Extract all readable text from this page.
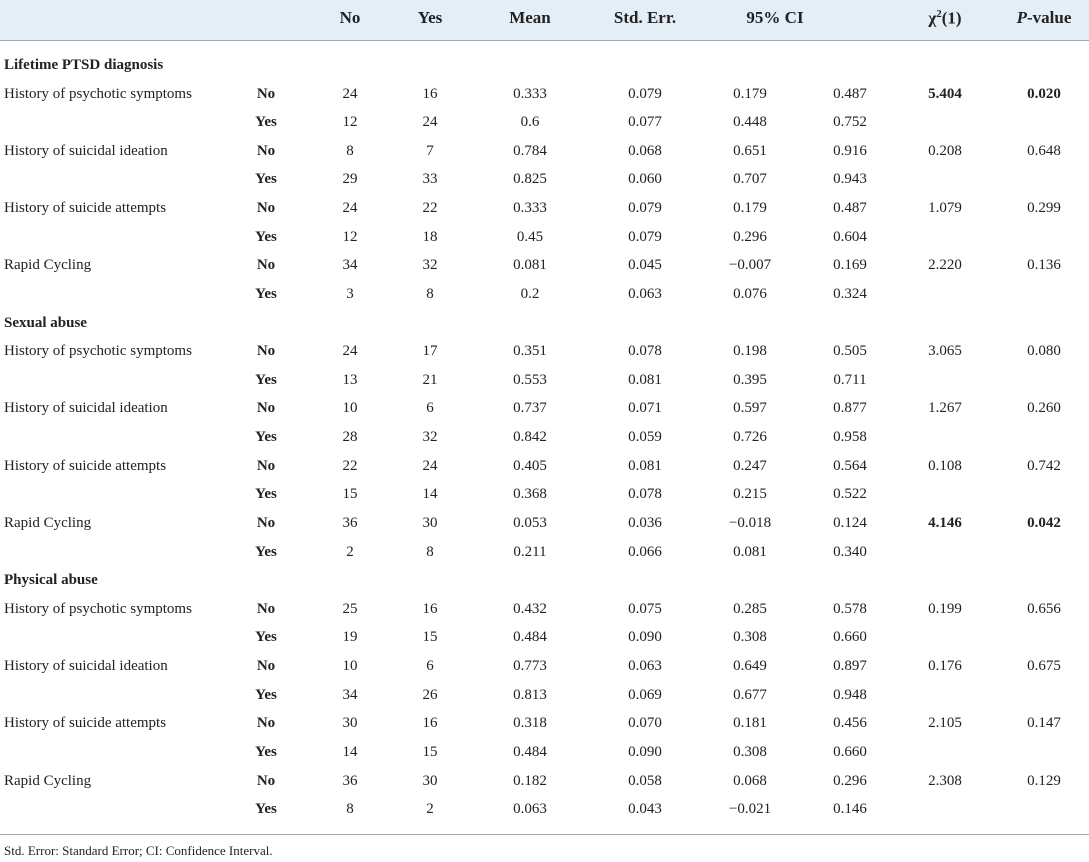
No	Yes	Mean	Std. Err.	95% CI	$\chi^2(1)$	P-value
Lifetime PTSD diagnosis
History of psychotic symptoms	No	24	16	0.333	0.079	0.179	0.487	5.404	0.020
Yes	12	24	0.6	0.077	0.448	0.752
History of suicidal ideation	No	8	7	0.784	0.068	0.651	0.916	0.208	0.648
Yes	29	33	0.825	0.060	0.707	0.943
History of suicide attempts	No	24	22	0.333	0.079	0.179	0.487	1.079	0.299
Yes	12	18	0.45	0.079	0.296	0.604
Rapid Cycling	No	34	32	0.081	0.045	−0.007	0.169	2.220	0.136
Yes	3	8	0.2	0.063	0.076	0.324
Sexual abuse
History of psychotic symptoms	No	24	17	0.351	0.078	0.198	0.505	3.065	0.080
Yes	13	21	0.553	0.081	0.395	0.711
History of suicidal ideation	No	10	6	0.737	0.071	0.597	0.877	1.267	0.260
Yes	28	32	0.842	0.059	0.726	0.958
History of suicide attempts	No	22	24	0.405	0.081	0.247	0.564	0.108	0.742
Yes	15	14	0.368	0.078	0.215	0.522
Rapid Cycling	No	36	30	0.053	0.036	−0.018	0.124	4.146	0.042
Yes	2	8	0.211	0.066	0.081	0.340
Physical abuse
History of psychotic symptoms	No	25	16	0.432	0.075	0.285	0.578	0.199	0.656
Yes	19	15	0.484	0.090	0.308	0.660
History of suicidal ideation	No	10	6	0.773	0.063	0.649	0.897	0.176	0.675
Yes	34	26	0.813	0.069	0.677	0.948
History of suicide attempts	No	30	16	0.318	0.070	0.181	0.456	2.105	0.147
Yes	14	15	0.484	0.090	0.308	0.660
Rapid Cycling	No	36	30	0.182	0.058	0.068	0.296	2.308	0.129
Yes	8	2	0.063	0.043	−0.021	0.146
Std. Error: Standard Error; CI: Confidence Interval.
